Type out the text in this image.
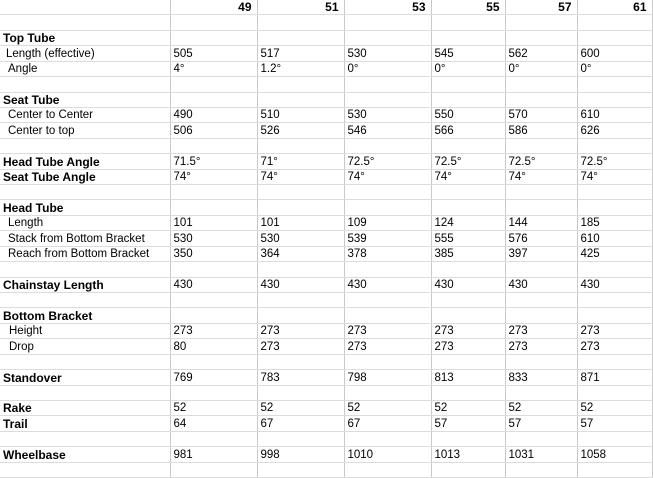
	49	51	53	55	57	61

Top Tube						
Length (effective)	505	517	530	545	562	600
Angle	4°	1.2°	0°	0°	0°	0°

Seat Tube						
Center to Center	490	510	530	550	570	610
Center to top	506	526	546	566	586	626

Head Tube Angle	71.5°	71°	72.5°	72.5°	72.5°	72.5°
Seat Tube Angle	74°	74°	74°	74°	74°	74°

Head Tube						
Length	101	101	109	124	144	185
Stack from Bottom Bracket	530	530	539	555	576	610
Reach from Bottom Bracket	350	364	378	385	397	425

Chainstay Length	430	430	430	430	430	430

Bottom Bracket						
Height	273	273	273	273	273	273
Drop	80	273	273	273	273	273

Standover	769	783	798	813	833	871

Rake	52	52	52	52	52	52
Trail	64	67	67	57	57	57

Wheelbase	981	998	1010	1013	1031	1058
